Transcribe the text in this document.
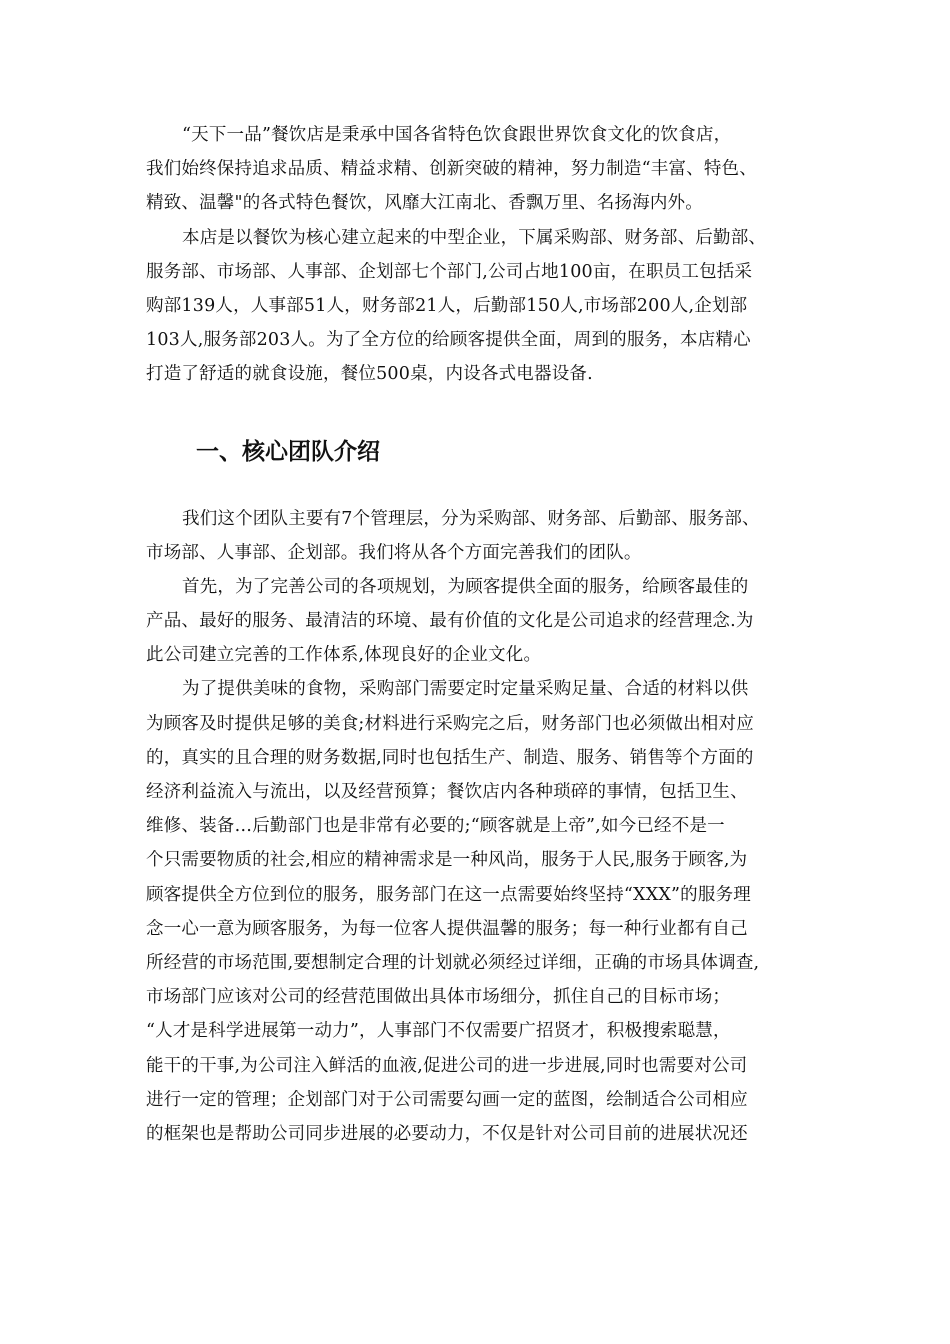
“天下一品”餐饮店是秉承中国各省特色饮食跟世界饮食文化的饮食店，
我们始终保持追求品质、精益求精、创新突破的精神，努力制造“丰富、特色、
精致、温馨"的各式特色餐饮，风靡大江南北、香飘万里、名扬海内外。
本店是以餐饮为核心建立起来的中型企业，下属采购部、财务部、后勤部、
服务部、市场部、人事部、企划部七个部门,公司占地100亩，在职员工包括采
购部139人，人事部51人，财务部21人，后勤部150人,市场部200人,企划部
103人,服务部203人。为了全方位的给顾客提供全面，周到的服务，本店精心
打造了舒适的就食设施，餐位500桌，内设各式电器设备.
一、核心团队介绍
我们这个团队主要有7个管理层，分为采购部、财务部、后勤部、服务部、
市场部、人事部、企划部。我们将从各个方面完善我们的团队。
首先，为了完善公司的各项规划，为顾客提供全面的服务，给顾客最佳的
产品、最好的服务、最清洁的环境、最有价值的文化是公司追求的经营理念.为
此公司建立完善的工作体系,体现良好的企业文化。
为了提供美味的食物，采购部门需要定时定量采购足量、合适的材料以供
为顾客及时提供足够的美食;材料进行采购完之后，财务部门也必须做出相对应
的，真实的且合理的财务数据,同时也包括生产、制造、服务、销售等个方面的
经济利益流入与流出，以及经营预算；餐饮店内各种琐碎的事情，包括卫生、
维修、装备…后勤部门也是非常有必要的;“顾客就是上帝”,如今已经不是一
个只需要物质的社会,相应的精神需求是一种风尚，服务于人民,服务于顾客,为
顾客提供全方位到位的服务，服务部门在这一点需要始终坚持“XXX”的服务理
念一心一意为顾客服务，为每一位客人提供温馨的服务；每一种行业都有自己
所经营的市场范围,要想制定合理的计划就必须经过详细，正确的市场具体调查,
市场部门应该对公司的经营范围做出具体市场细分，抓住自己的目标市场；
“人才是科学进展第一动力”，人事部门不仅需要广招贤才，积极搜索聪慧，
能干的干事,为公司注入鲜活的血液,促进公司的进一步进展,同时也需要对公司
进行一定的管理；企划部门对于公司需要勾画一定的蓝图，绘制适合公司相应
的框架也是帮助公司同步进展的必要动力，不仅是针对公司目前的进展状况还
